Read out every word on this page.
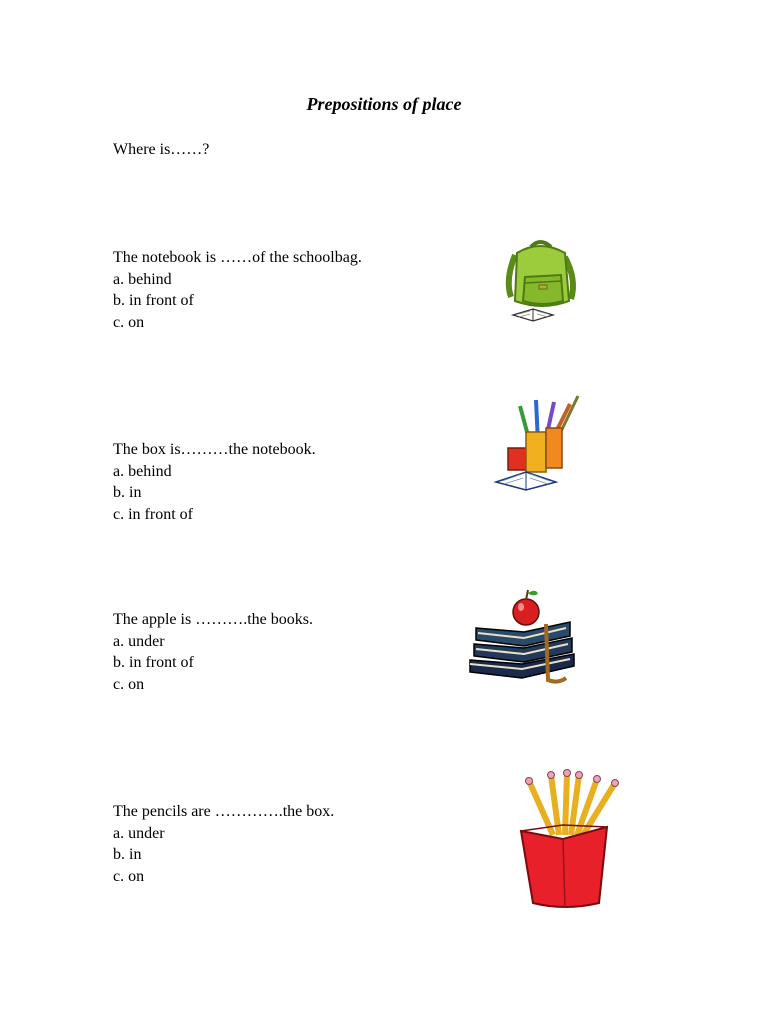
Prepositions of place
Where is……?
The notebook is ……of the schoolbag.
a. behind
b. in front of
c. on
The box is………the notebook.
a. behind
b. in
c. in front of
The apple is ……….the books.
a. under
b. in front of
c. on
The pencils are ………….the box.
a. under
b. in
c. on
